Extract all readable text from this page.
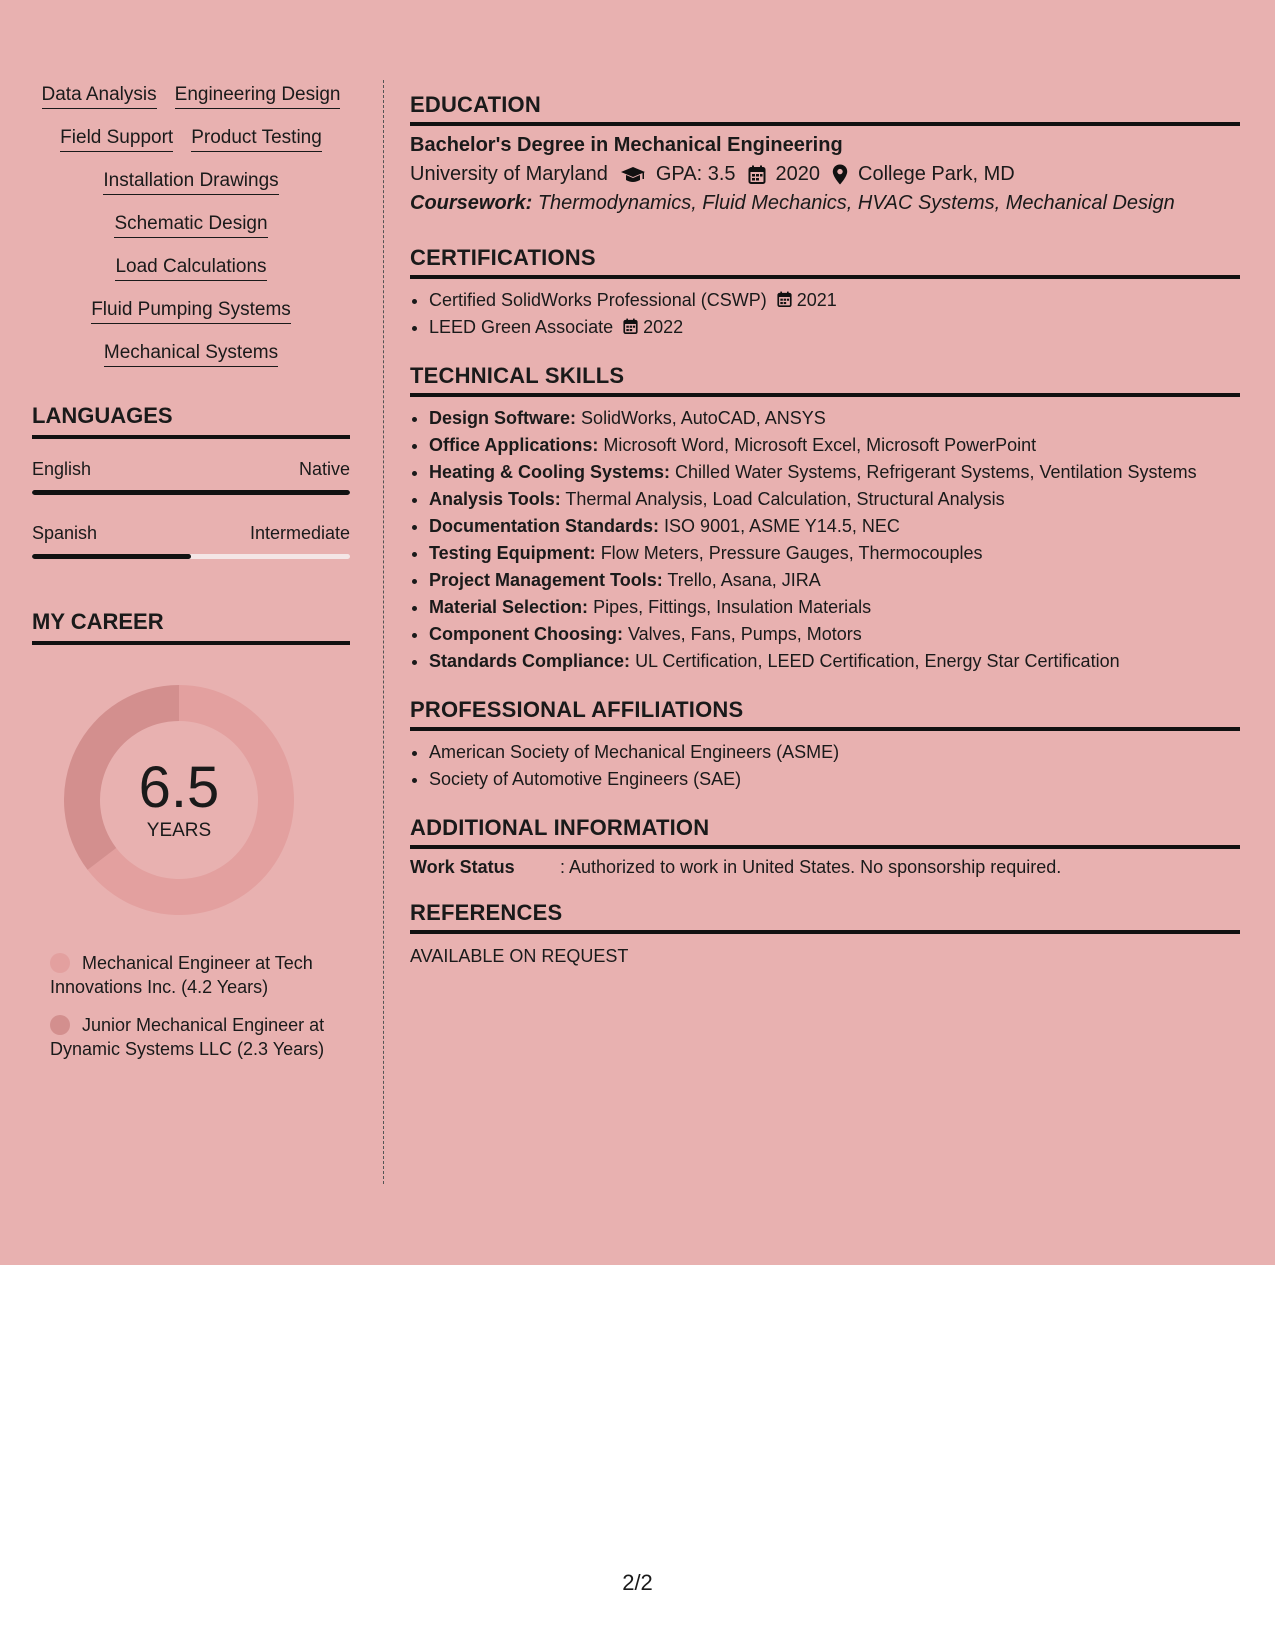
Data Analysis Engineering Design
Field Support Product Testing
Installation Drawings
Schematic Design
Load Calculations
Fluid Pumping Systems
Mechanical Systems
LANGUAGES
English	Native
Spanish	Intermediate
MY CAREER
6.5
YEARS
Mechanical Engineer at Tech Innovations Inc. (4.2 Years)
Junior Mechanical Engineer at Dynamic Systems LLC (2.3 Years)
EDUCATION
Bachelor's Degree in Mechanical Engineering
University of Maryland GPA: 3.5 2020 College Park, MD
Coursework: Thermodynamics, Fluid Mechanics, HVAC Systems, Mechanical Design
CERTIFICATIONS
• Certified SolidWorks Professional (CSWP) 2021
• LEED Green Associate 2022
TECHNICAL SKILLS
• Design Software: SolidWorks, AutoCAD, ANSYS
• Office Applications: Microsoft Word, Microsoft Excel, Microsoft PowerPoint
• Heating & Cooling Systems: Chilled Water Systems, Refrigerant Systems, Ventilation Systems
• Analysis Tools: Thermal Analysis, Load Calculation, Structural Analysis
• Documentation Standards: ISO 9001, ASME Y14.5, NEC
• Testing Equipment: Flow Meters, Pressure Gauges, Thermocouples
• Project Management Tools: Trello, Asana, JIRA
• Material Selection: Pipes, Fittings, Insulation Materials
• Component Choosing: Valves, Fans, Pumps, Motors
• Standards Compliance: UL Certification, LEED Certification, Energy Star Certification
PROFESSIONAL AFFILIATIONS
• American Society of Mechanical Engineers (ASME)
• Society of Automotive Engineers (SAE)
ADDITIONAL INFORMATION
Work Status	: Authorized to work in United States. No sponsorship required.
REFERENCES
AVAILABLE ON REQUEST
2/2
